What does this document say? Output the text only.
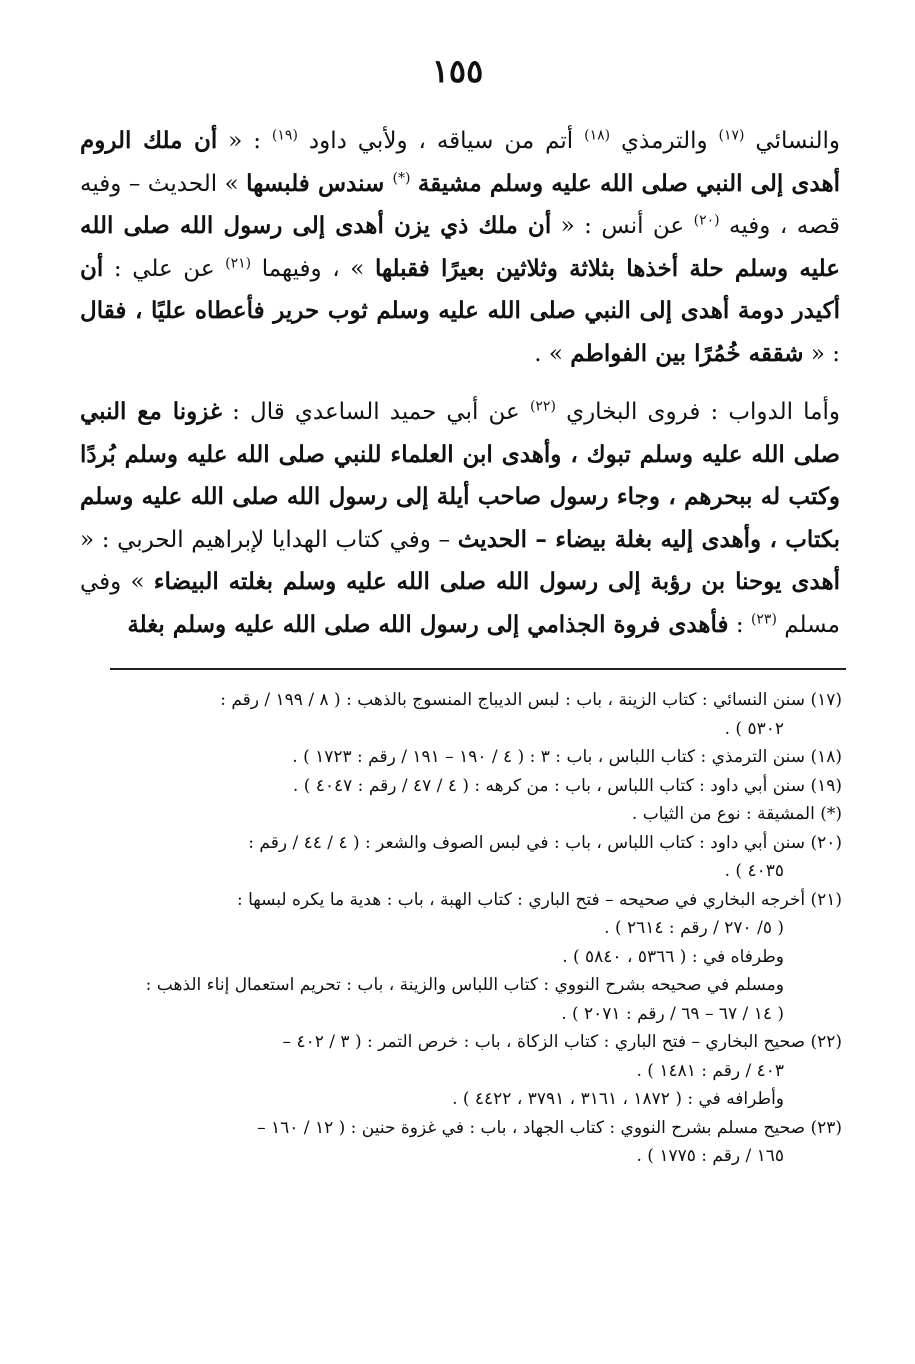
١٥٥

والنسائي $^{(١٧)}$ والترمذي $^{(١٨)}$ أتم من سياقه ، ولأبي داود $^{(١٩)}$ : « أن ملك الروم أهدى إلى النبي صلى الله عليه وسلم مشيقة (*) سندس فلبسها » الحديث – وفيه قصه ، وفيه $^{(٢٠)}$ عن أنس : « أن ملك ذي يزن أهدى إلى رسول الله صلى الله عليه وسلم حلة أخذها بثلاثة وثلاثين بعيرًا فقبلها » ، وفيهما $^{(٢١)}$ عن علي : أن أكيدر دومة أهدى إلى النبي صلى الله عليه وسلم ثوب حرير فأعطاه عليًا ، فقال : « شققه خُمُرًا بين الفواطم » .

وأما الدواب : فروى البخاري $^{(٢٢)}$ عن أبي حميد الساعدي قال : غزونا مع النبي صلى الله عليه وسلم تبوك ، وأهدى ابن العلماء للنبي صلى الله عليه وسلم بُردًا وكتب له ببحرهم ، وجاء رسول صاحب أيلة إلى رسول الله صلى الله عليه وسلم بكتاب ، وأهدى إليه بغلة بيضاء – الحديث – وفي كتاب الهدايا لإبراهيم الحربي : « أهدى يوحنا بن رؤبة إلى رسول الله صلى الله عليه وسلم بغلته البيضاء » وفي مسلم $^{(٢٣)}$ : فأهدى فروة الجذامي إلى رسول الله صلى الله عليه وسلم بغلة

(١٧) سنن النسائي : كتاب الزينة ، باب : لبس الديباج المنسوج بالذهب : ( ٨ / ١٩٩ / رقم :
٥٣٠٢ ) .
(١٨) سنن الترمذي : كتاب اللباس ، باب : ٣ : ( ٤ / ١٩٠ – ١٩١ / رقم : ١٧٢٣ ) .
(١٩) سنن أبي داود : كتاب اللباس ، باب : من كرهه : ( ٤ / ٤٧ / رقم : ٤٠٤٧ ) .
(*) المشيقة : نوع من الثياب .
(٢٠) سنن أبي داود : كتاب اللباس ، باب : في لبس الصوف والشعر : ( ٤ / ٤٤ / رقم :
٤٠٣٥ ) .
(٢١) أخرجه البخاري في صحيحه – فتح الباري : كتاب الهبة ، باب : هدية ما يكره لبسها :
( ٥/ ٢٧٠ / رقم : ٢٦١٤ ) .
وطرفاه في : ( ٥٣٦٦ ، ٥٨٤٠ ) .
ومسلم في صحيحه بشرح النووي : كتاب اللباس والزينة ، باب : تحريم استعمال إناء الذهب :
( ١٤ / ٦٧ – ٦٩ / رقم : ٢٠٧١ ) .
(٢٢) صحيح البخاري – فتح الباري : كتاب الزكاة ، باب : خرص التمر : ( ٣ / ٤٠٢ –
٤٠٣ / رقم : ١٤٨١ ) .
وأطرافه في : ( ١٨٧٢ ، ٣١٦١ ، ٣٧٩١ ، ٤٤٢٢ ) .
(٢٣) صحيح مسلم بشرح النووي : كتاب الجهاد ، باب : في غزوة حنين : ( ١٢ / ١٦٠ –
١٦٥ / رقم : ١٧٧٥ ) .
